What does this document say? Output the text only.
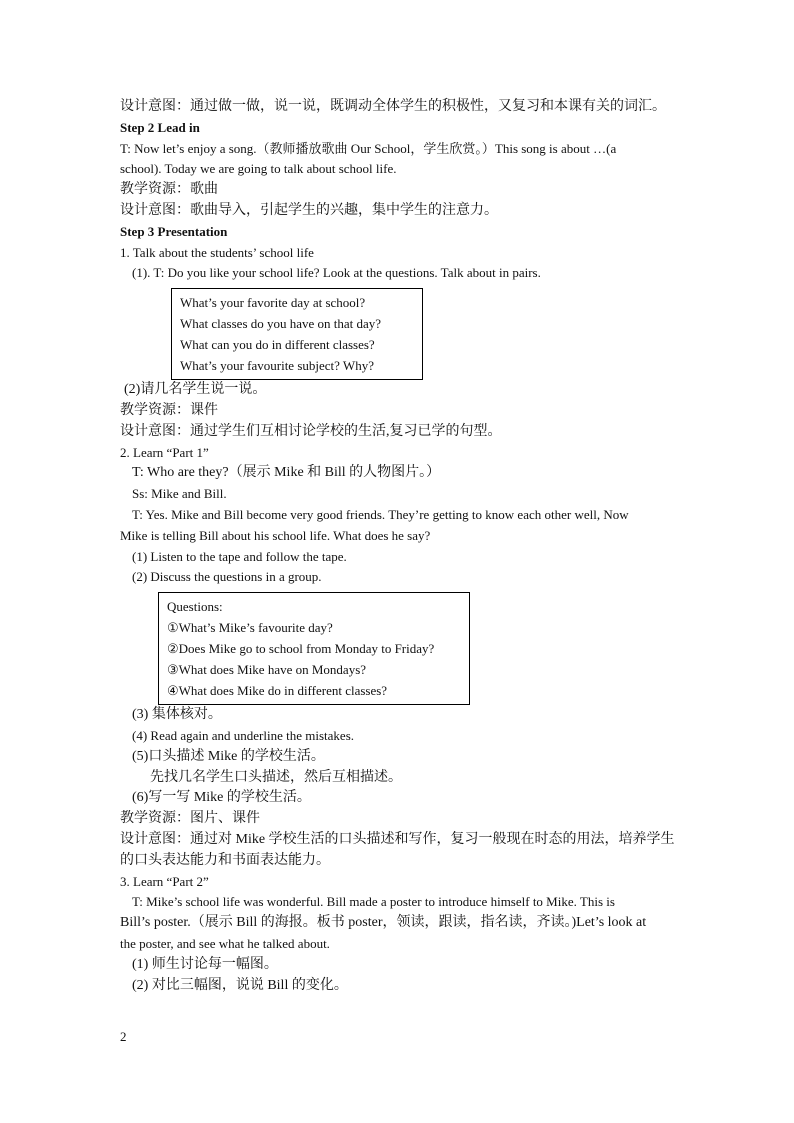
设计意图：通过做一做，说一说，既调动全体学生的积极性，又复习和本课有关的词汇。
Step 2 Lead in
T: Now let’s enjoy a song.（教师播放歌曲 Our School，学生欣赏。）This song is about …(a
school). Today we are going to talk about school life.
教学资源：歌曲
设计意图：歌曲导入，引起学生的兴趣，集中学生的注意力。
Step 3 Presentation
1. Talk about the students’ school life
(1). T: Do you like your school life? Look at the questions. Talk about in pairs.
What’s your favorite day at school?
What classes do you have on that day?
What can you do in different classes?
What’s your favourite subject? Why?
(2)请几名学生说一说。
教学资源：课件
设计意图：通过学生们互相讨论学校的生活,复习已学的句型。
2. Learn “Part 1”
T: Who are they?（展示 Mike 和 Bill 的人物图片。）
Ss: Mike and Bill.
T: Yes. Mike and Bill become very good friends. They’re getting to know each other well, Now
Mike is telling Bill about his school life. What does he say?
(1) Listen to the tape and follow the tape.
(2) Discuss the questions in a group.
Questions:
①What’s Mike’s favourite day?
②Does Mike go to school from Monday to Friday?
③What does Mike have on Mondays?
④What does Mike do in different classes?
(3) 集体核对。
(4) Read again and underline the mistakes.
(5)口头描述 Mike 的学校生活。
先找几名学生口头描述，然后互相描述。
(6)写一写 Mike 的学校生活。
教学资源：图片、课件
设计意图：通过对 Mike 学校生活的口头描述和写作，复习一般现在时态的用法，培养学生
的口头表达能力和书面表达能力。
3. Learn “Part 2”
T: Mike’s school life was wonderful. Bill made a poster to introduce himself to Mike. This is
Bill’s poster.（展示 Bill 的海报。板书 poster，领读，跟读，指名读，齐读。)Let’s look at
the poster, and see what he talked about.
(1) 师生讨论每一幅图。
(2) 对比三幅图，说说 Bill 的变化。
2
